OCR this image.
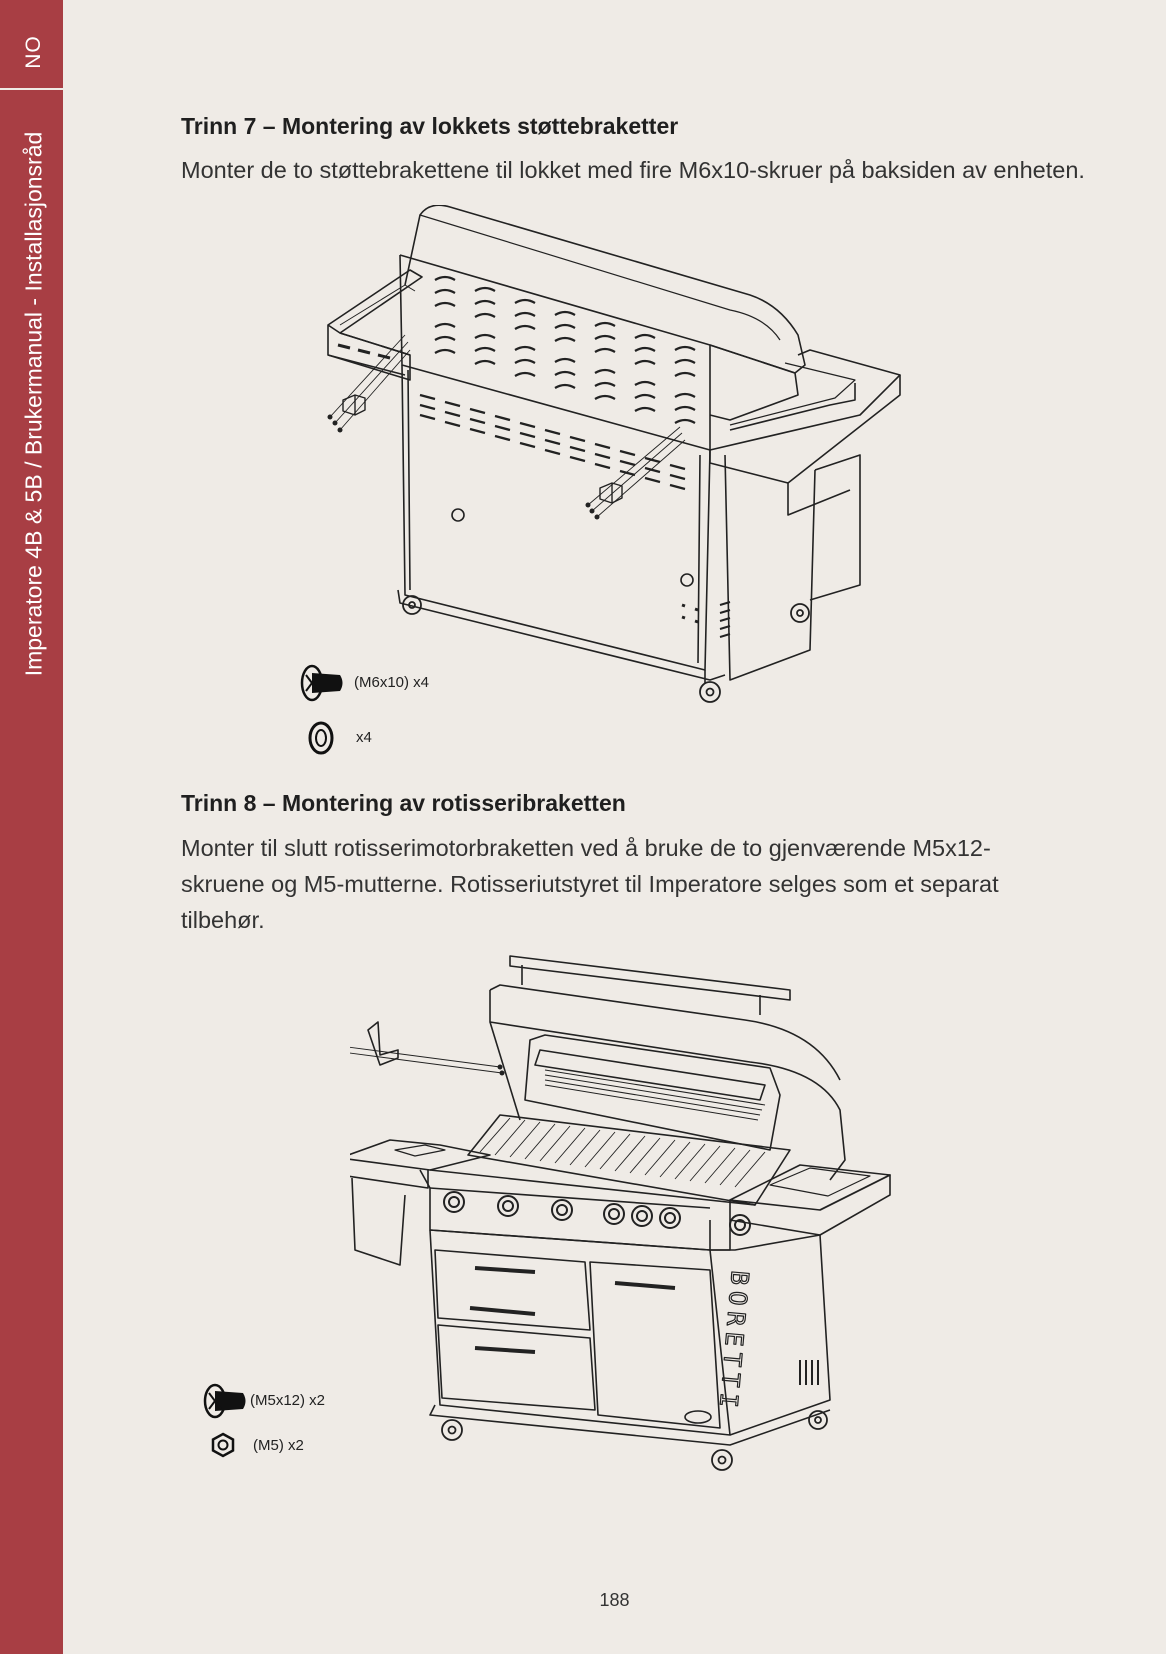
NO
Imperatore 4B & 5B / Brukermanual - Installasjonsråd
Trinn 7 – Montering av lokkets støttebraketter

Monter de to støttebrakettene til lokket med fire M6x10-skruer på baksiden av enheten.

(M6x10) x4
x4
Trinn 8 – Montering av rotisseribraketten

Monter til slutt rotisserimotorbraketten ved å bruke de to gjenværende M5x12-skruene og M5-mutterne. Rotisseriutstyret til Imperatore selges som et separat tilbehør.

BORETTI
(M5x12) x2
(M5) x2
188
